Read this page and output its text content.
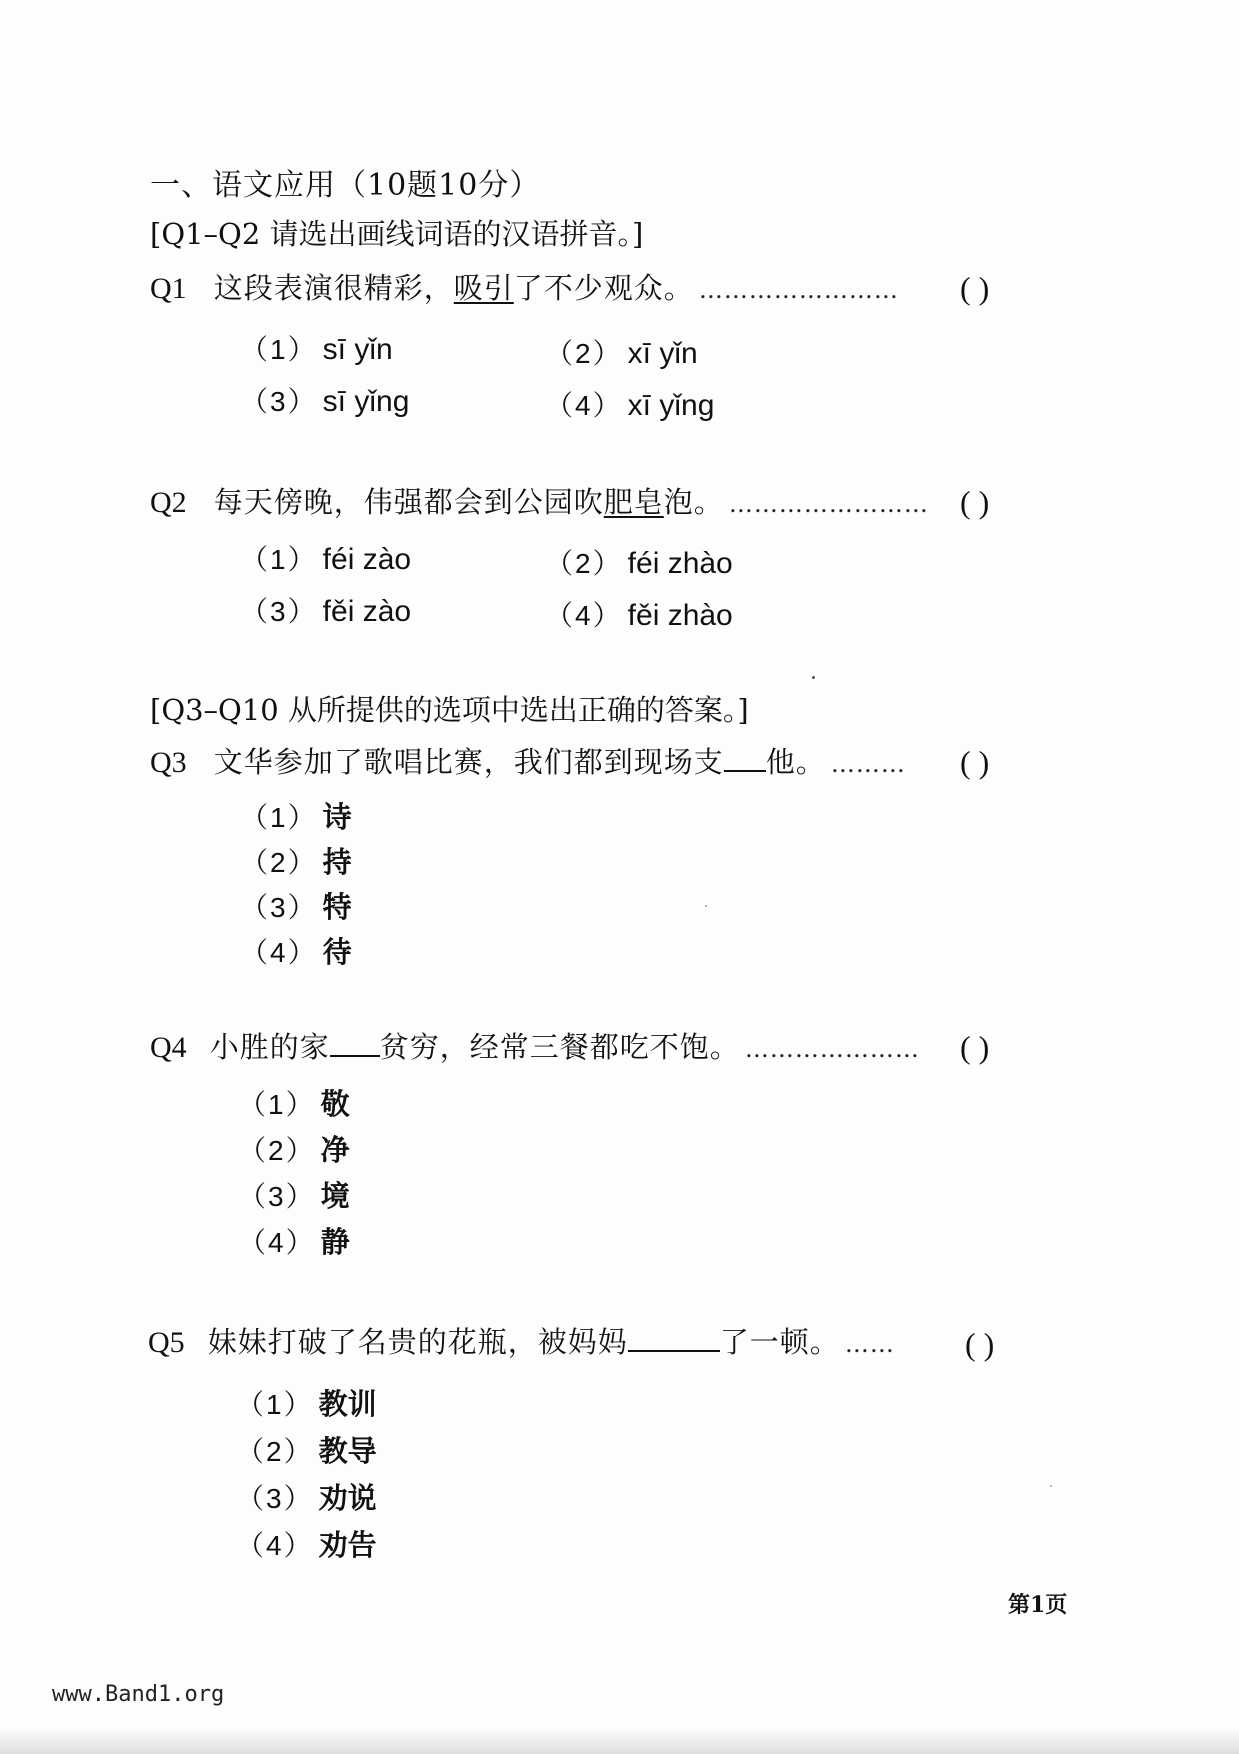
一、语文应用（10题10分）
[Q1–Q2 请选出画线词语的汉语拼音。]
Q1 这段表演很精彩，吸引了不少观众。 …………………… ( )
（1） sī yǐn	（2） xī yǐn
（3） sī yǐng	（4） xī yǐng
Q2 每天傍晚，伟强都会到公园吹肥皂泡。 …………………… ( )
（1） féi zào	（2） féi zhào
（3） fěi zào	（4） fěi zhào
[Q3–Q10 从所提供的选项中选出正确的答案。]
Q3 文华参加了歌唱比赛，我们都到现场支 他。 ……… ( )
（1） 诗
（2） 持
（3） 特
（4） 待
Q4 小胜的家 贫穷，经常三餐都吃不饱。 ………………… ( )
（1） 敬
（2） 净
（3） 境
（4） 静
Q5 妹妹打破了名贵的花瓶，被妈妈	了一顿。 …… ( )
（1） 教训
（2） 教导
（3） 劝说
（4） 劝告
第1页
www.Band1.org
